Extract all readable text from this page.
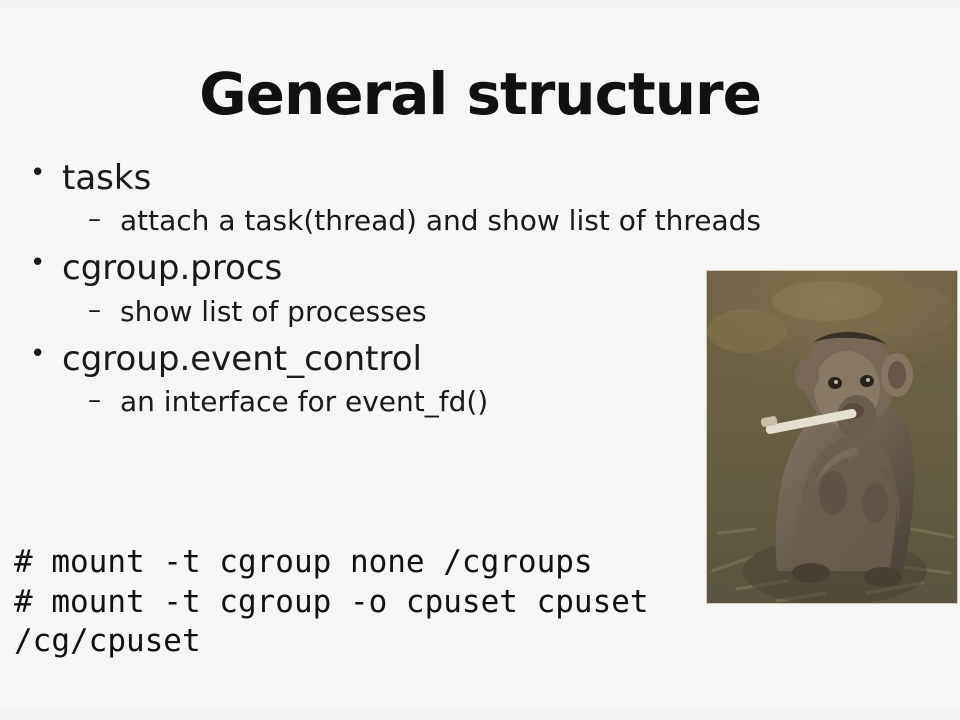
General structure
• tasks
– attach a task(thread) and show list of threads
• cgroup.procs
– show list of processes
• cgroup.event_control
– an interface for event_fd()
# mount -t cgroup none /cgroups
# mount -t cgroup -o cpuset cpuset
/cg/cpuset
